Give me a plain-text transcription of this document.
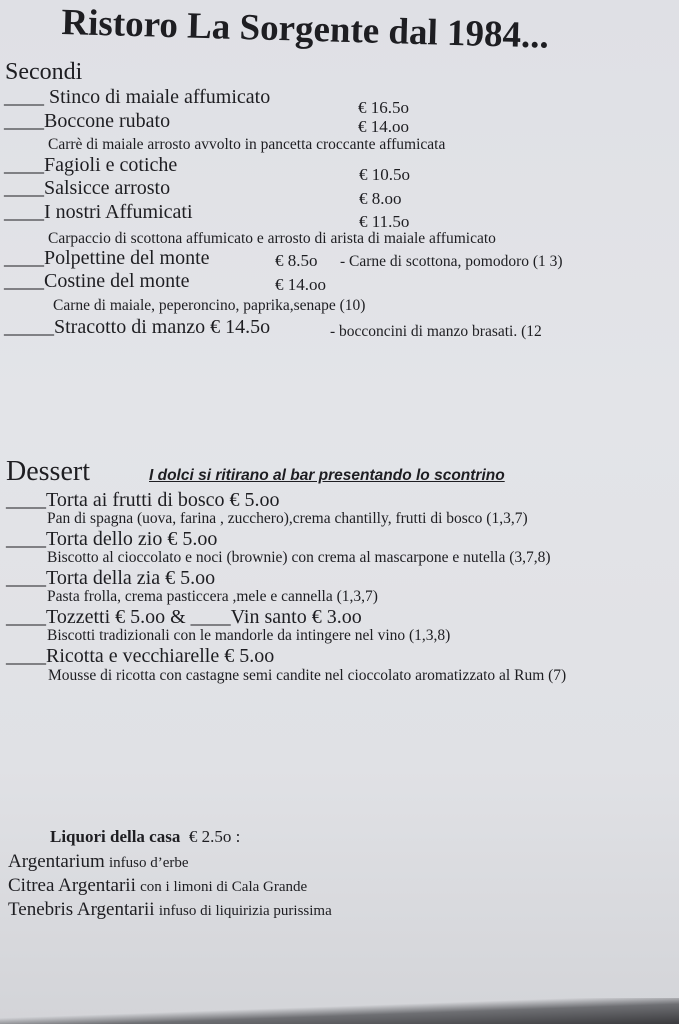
Ristoro La Sorgente dal 1984...
Secondi
____ Stinco di maiale affumicato	€ 16.5o
____Boccone rubato	€ 14.oo
Carrè di maiale arrosto avvolto in pancetta croccante affumicata
____Fagioli e cotiche	€ 10.5o
____Salsicce arrosto	€ 8.oo
____I nostri Affumicati	€ 11.5o
Carpaccio di scottona affumicato e arrosto di arista di maiale affumicato
____Polpettine del monte	€ 8.5o - Carne di scottona, pomodoro (1 3)
____Costine del monte	€ 14.oo
Carne di maiale, peperoncino, paprika,senape (10)
_____Stracotto di manzo € 14.5o	- bocconcini di manzo brasati. (12
Dessert	I dolci si ritirano al bar presentando lo scontrino
____Torta ai frutti di bosco € 5.oo
Pan di spagna (uova, farina , zucchero),crema chantilly, frutti di bosco (1,3,7)
____Torta dello zio € 5.oo
Biscotto al cioccolato e noci (brownie) con crema al mascarpone e nutella (3,7,8)
____Torta della zia € 5.oo
Pasta frolla, crema pasticcera ,mele e cannella (1,3,7)
____Tozzetti € 5.oo & ____Vin santo € 3.oo
Biscotti tradizionali con le mandorle da intingere nel vino (1,3,8)
____Ricotta e vecchiarelle € 5.oo
Mousse di ricotta con castagne semi candite nel cioccolato aromatizzato al Rum (7)
Liquori della casa € 2.5o :
Argentarium infuso d’erbe
Citrea Argentarii con i limoni di Cala Grande
Tenebris Argentarii infuso di liquirizia purissima
